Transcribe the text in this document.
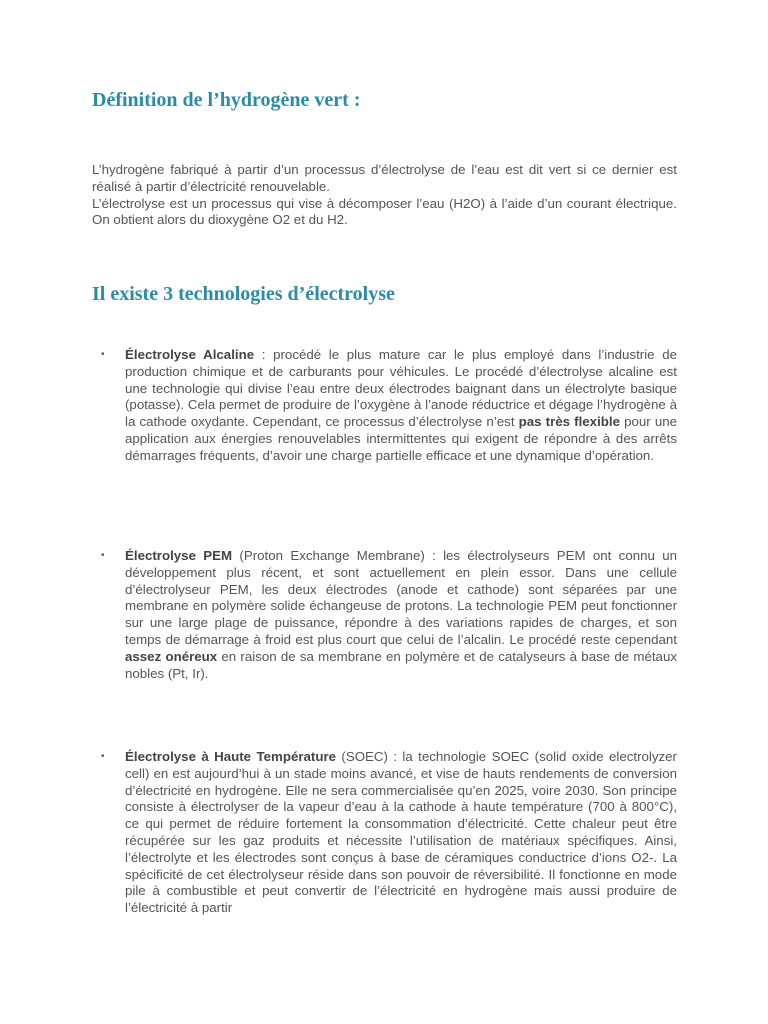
Définition de l’hydrogène vert :

L’hydrogène fabriqué à partir d’un processus d’électrolyse de l’eau est dit vert si ce dernier est réalisé à partir d’électricité renouvelable.

L’électrolyse est un processus qui vise à décomposer l’eau (H2O) à l’aide d’un courant électrique. On obtient alors du dioxygène O2 et du H2.

Il existe 3 technologies d’électrolyse
• Électrolyse Alcaline : procédé le plus mature car le plus employé dans l’industrie de production chimique et de carburants pour véhicules. Le procédé d’électrolyse alcaline est une technologie qui divise l’eau entre deux électrodes baignant dans un électrolyte basique (potasse). Cela permet de produire de l’oxygène à l’anode réductrice et dégage l’hydrogène à la cathode oxydante. Cependant, ce processus d’électrolyse n’est pas très flexible pour une application aux énergies renouvelables intermittentes qui exigent de répondre à des arrêts démarrages fréquents, d’avoir une charge partielle efficace et une dynamique d’opération.
• Électrolyse PEM (Proton Exchange Membrane) : les électrolyseurs PEM ont connu un développement plus récent, et sont actuellement en plein essor. Dans une cellule d’électrolyseur PEM, les deux électrodes (anode et cathode) sont séparées par une membrane en polymère solide échangeuse de protons. La technologie PEM peut fonctionner sur une large plage de puissance, répondre à des variations rapides de charges, et son temps de démarrage à froid est plus court que celui de l’alcalin. Le procédé reste cependant assez onéreux en raison de sa membrane en polymère et de catalyseurs à base de métaux nobles (Pt, Ir).
• Électrolyse à Haute Température (SOEC) : la technologie SOEC (solid oxide electrolyzer cell) en est aujourd’hui à un stade moins avancé, et vise de hauts rendements de conversion d’électricité en hydrogène. Elle ne sera commercialisée qu’en 2025, voire 2030. Son principe consiste à électrolyser de la vapeur d’eau à la cathode à haute température (700 à 800°C), ce qui permet de réduire fortement la consommation d’électricité. Cette chaleur peut être récupérée sur les gaz produits et nécessite l’utilisation de matériaux spécifiques. Ainsi, l’électrolyte et les électrodes sont conçus à base de céramiques conductrice d’ions O2-. La spécificité de cet électrolyseur réside dans son pouvoir de réversibilité. Il fonctionne en mode pile à combustible et peut convertir de l’électricité en hydrogène mais aussi produire de l’électricité à partir
